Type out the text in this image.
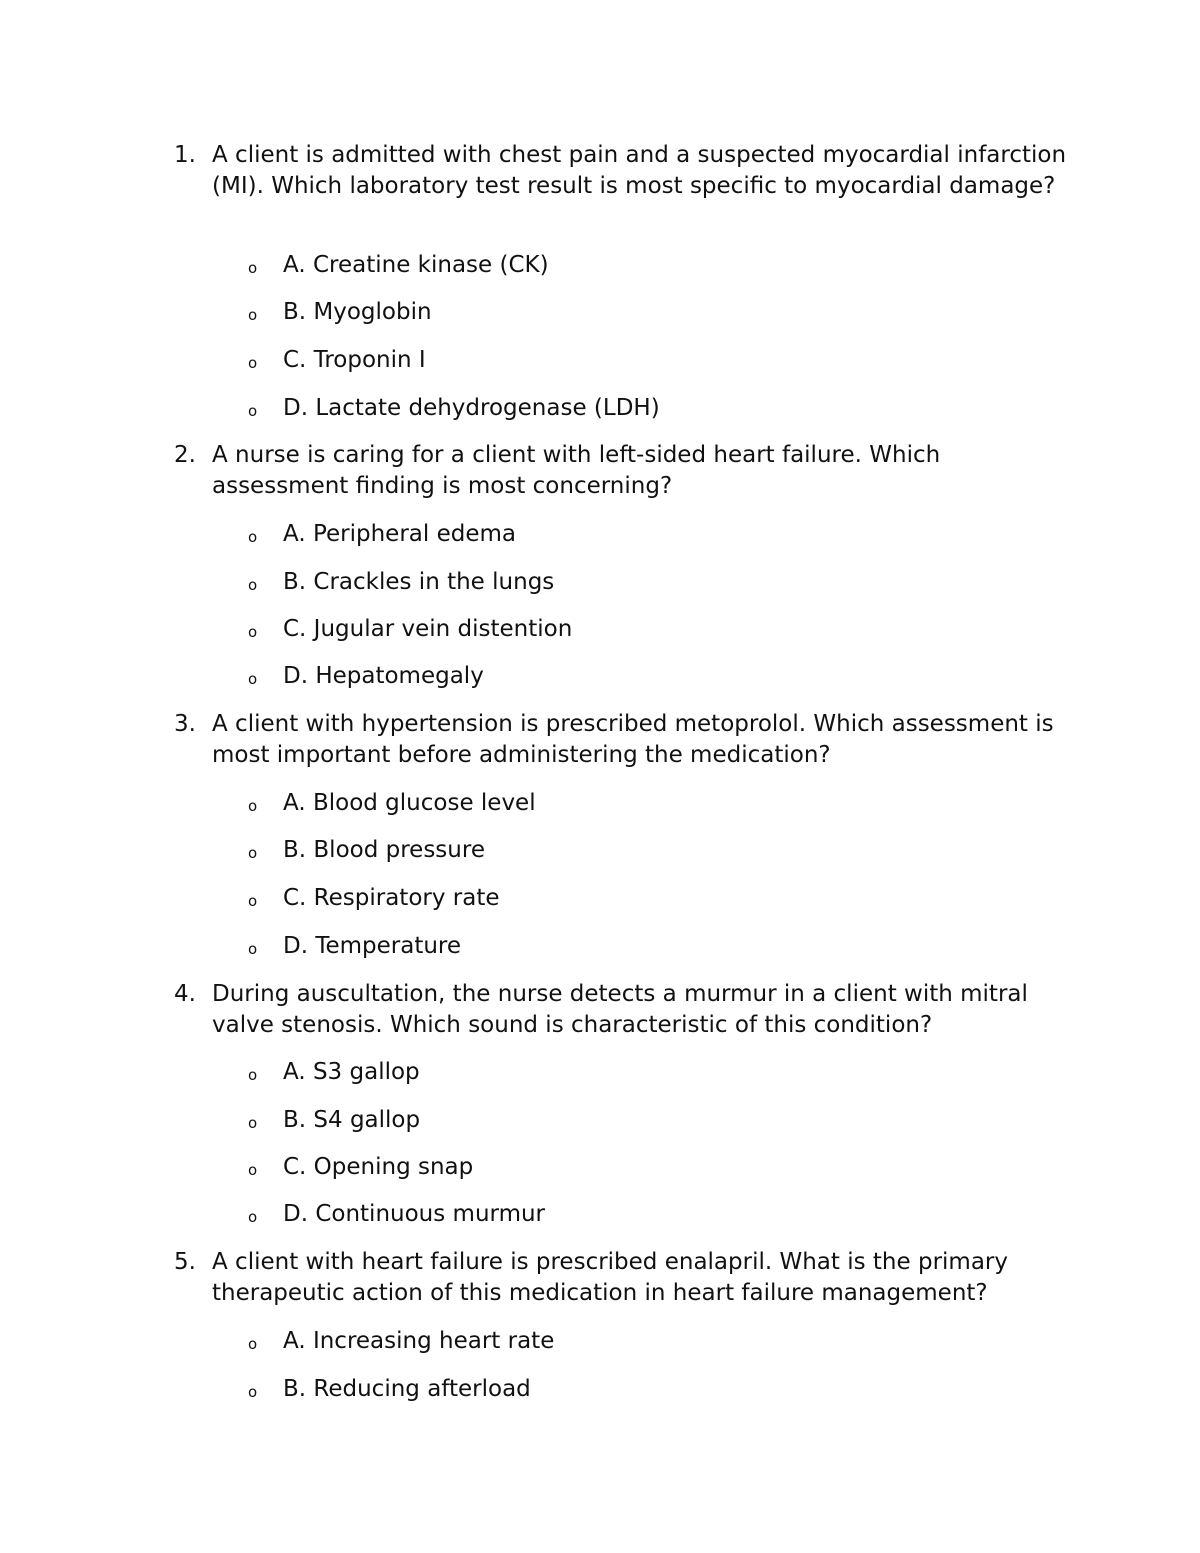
1. A client is admitted with chest pain and a suspected myocardial infarction (MI). Which laboratory test result is most specific to myocardial damage?
o A. Creatine kinase (CK)
o B. Myoglobin
o C. Troponin I
o D. Lactate dehydrogenase (LDH)
2. A nurse is caring for a client with left-sided heart failure. Which assessment finding is most concerning?
o A. Peripheral edema
o B. Crackles in the lungs
o C. Jugular vein distention
o D. Hepatomegaly
3. A client with hypertension is prescribed metoprolol. Which assessment is most important before administering the medication?
o A. Blood glucose level
o B. Blood pressure
o C. Respiratory rate
o D. Temperature
4. During auscultation, the nurse detects a murmur in a client with mitral valve stenosis. Which sound is characteristic of this condition?
o A. S3 gallop
o B. S4 gallop
o C. Opening snap
o D. Continuous murmur
5. A client with heart failure is prescribed enalapril. What is the primary therapeutic action of this medication in heart failure management?
o A. Increasing heart rate
o B. Reducing afterload
